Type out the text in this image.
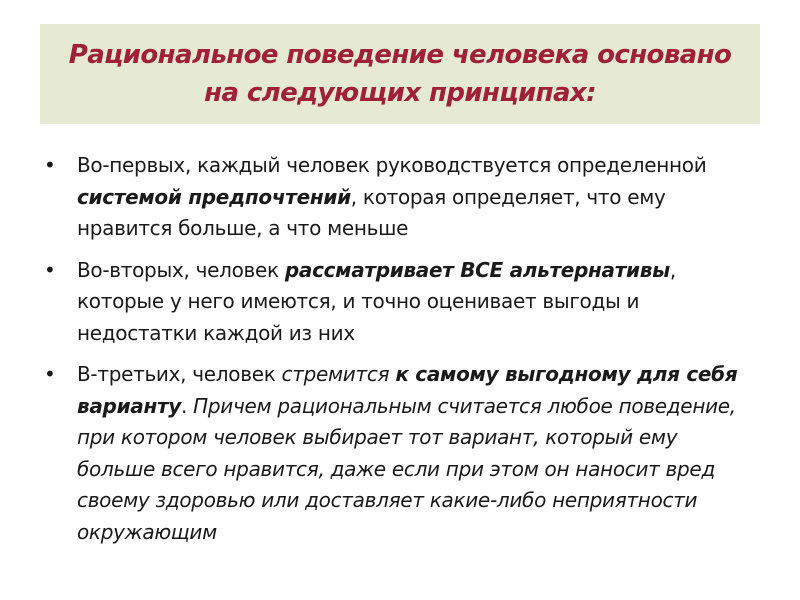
Рациональное поведение человека основано
на следующих принципах:
• Во-первых, каждый человек руководствуется определенной системой предпочтений, которая определяет, что ему нравится больше, а что меньше
• Во-вторых, человек рассматривает ВСЕ альтернативы, которые у него имеются, и точно оценивает выгоды и недостатки каждой из них
• В-третьих, человек стремится к самому выгодному для себя варианту. Причем рациональным считается любое поведение, при котором человек выбирает тот вариант, который ему больше всего нравится, даже если при этом он наносит вред своему здоровью или доставляет какие-либо неприятности окружающим
